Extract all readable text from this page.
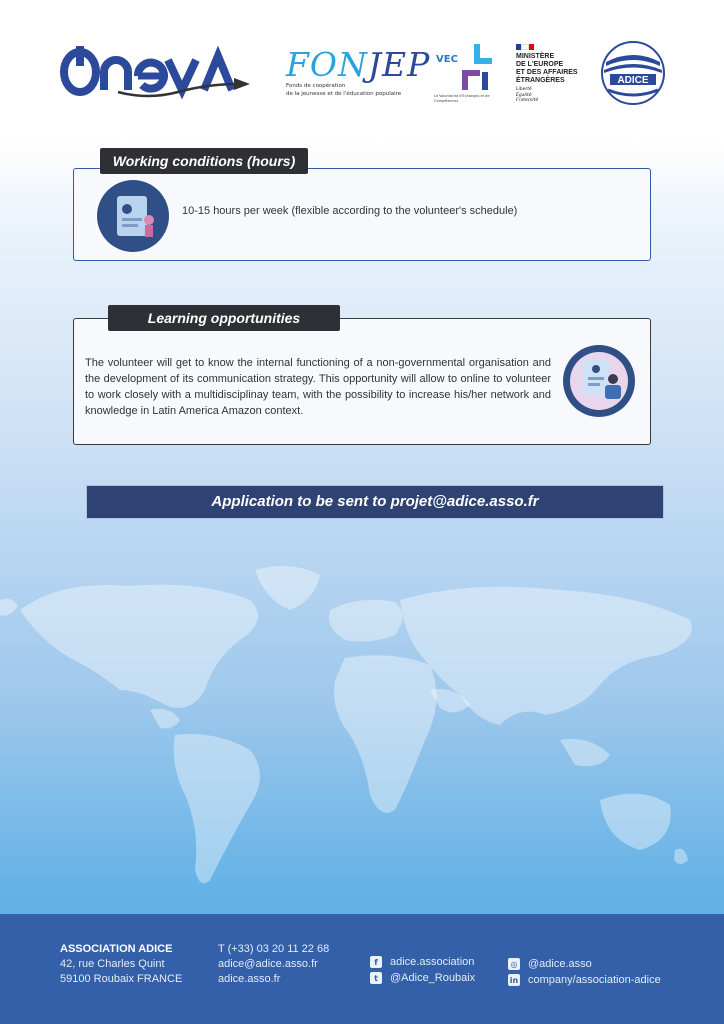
FONJEP
Fonds de coopération
de la jeunesse et de l'éducation populaire
VEC
Le Volontariat d'Echanges et de Compétences
MINISTÈRE
DE L'EUROPE
ET DES AFFAIRES
ÉTRANGÈRES
Liberté
Égalité
Fraternité
ADICE
Working conditions (hours)
10-15 hours per week (flexible according to the volunteer's schedule)
Learning opportunities
The volunteer will get to know the internal functioning of a non-governmental organisation and the development of its communication strategy. This opportunity will allow to online to volunteer to work closely with a multidisciplinay team, with the possibility to increase his/her network and knowledge in Latin America Amazon context.
Application to be sent to projet@adice.asso.fr
ASSOCIATION ADICE
42, rue Charles Quint
59100 Roubaix FRANCE
T (+33) 03 20 11 22 68
adice@adice.asso.fr
adice.asso.fr
f	adice.association
t	@Adice_Roubaix
◎ @adice.asso
in company/association-adice
